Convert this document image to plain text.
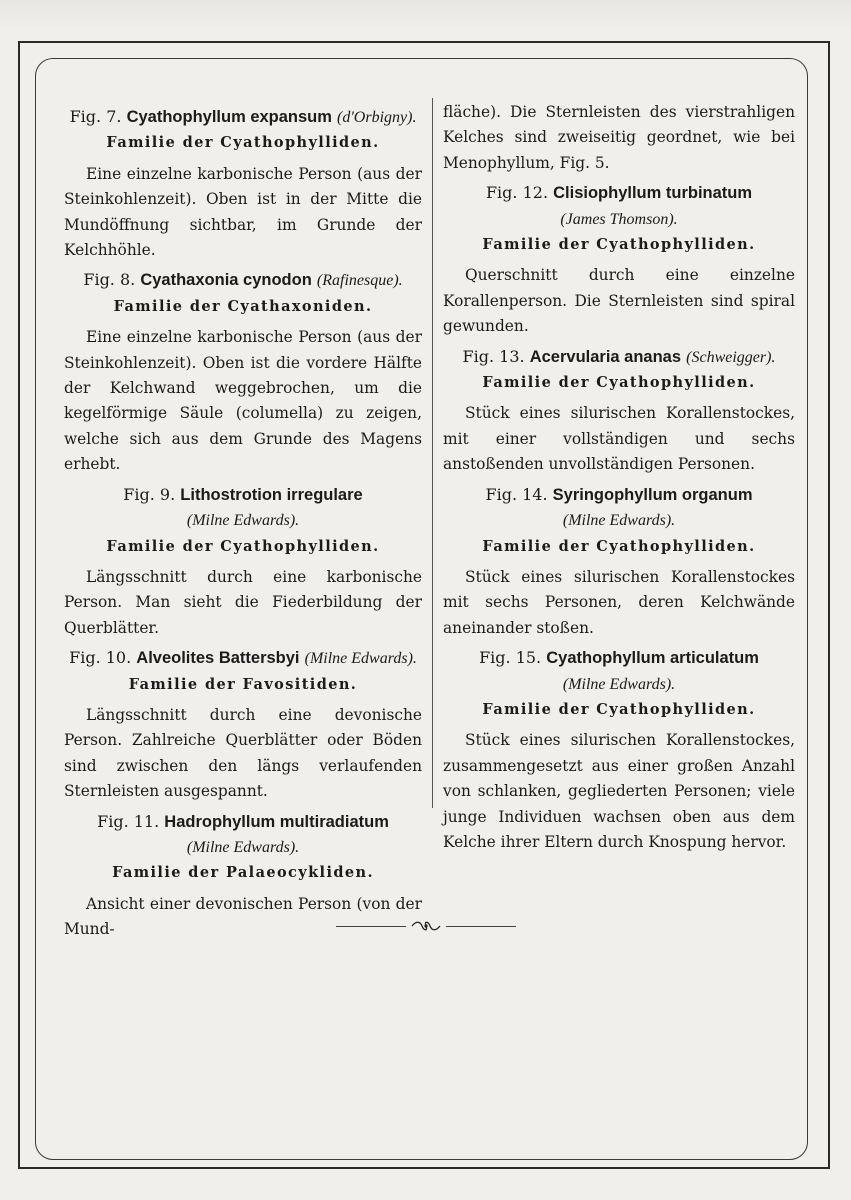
Fig. 7. Cyathophyllum expansum (d'Orbigny).
Familie der Cyathophylliden.

Eine einzelne karbonische Person (aus der Steinkohlenzeit). Oben ist in der Mitte die Mundöffnung sichtbar, im Grunde der Kelchhöhle.

Fig. 8. Cyathaxonia cynodon (Rafinesque).
Familie der Cyathaxoniden.

Eine einzelne karbonische Person (aus der Steinkohlenzeit). Oben ist die vordere Hälfte der Kelchwand weggebrochen, um die kegelförmige Säule (columella) zu zeigen, welche sich aus dem Grunde des Magens erhebt.

Fig. 9. Lithostrotion irregulare
(Milne Edwards).
Familie der Cyathophylliden.

Längsschnitt durch eine karbonische Person. Man sieht die Fiederbildung der Querblätter.

Fig. 10. Alveolites Battersbyi (Milne Edwards).
Familie der Favositiden.

Längsschnitt durch eine devonische Person. Zahlreiche Querblätter oder Böden sind zwischen den längs verlaufenden Sternleisten ausgespannt.

Fig. 11. Hadrophyllum multiradiatum
(Milne Edwards).
Familie der Palaeocykliden.

Ansicht einer devonischen Person (von der Mund-

fläche). Die Sternleisten des vierstrahligen Kelches sind zweiseitig geordnet, wie bei Menophyllum, Fig. 5.

Fig. 12. Clisiophyllum turbinatum
(James Thomson).
Familie der Cyathophylliden.

Querschnitt durch eine einzelne Korallenperson. Die Sternleisten sind spiral gewunden.

Fig. 13. Acervularia ananas (Schweigger).
Familie der Cyathophylliden.

Stück eines silurischen Korallenstockes, mit einer vollständigen und sechs anstoßenden unvollständigen Personen.

Fig. 14. Syringophyllum organum
(Milne Edwards).
Familie der Cyathophylliden.

Stück eines silurischen Korallenstockes mit sechs Personen, deren Kelchwände aneinander stoßen.

Fig. 15. Cyathophyllum articulatum
(Milne Edwards).
Familie der Cyathophylliden.

Stück eines silurischen Korallenstockes, zusammengesetzt aus einer großen Anzahl von schlanken, gegliederten Personen; viele junge Individuen wachsen oben aus dem Kelche ihrer Eltern durch Knospung hervor.
